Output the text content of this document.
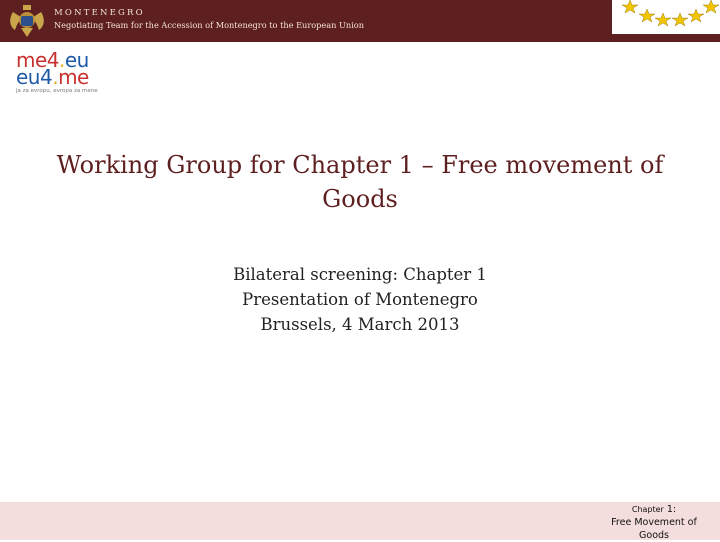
MONTENEGRO
Negotiating Team for the Accession of Montenegro to the European Union
me4.eu
eu4.me
ja za evropu, evropa za mene
Working Group for Chapter 1 – Free movement of Goods
Bilateral screening: Chapter 1
Presentation of Montenegro
Brussels, 4 March 2013
Chapter 1:
Free Movement of
Goods
